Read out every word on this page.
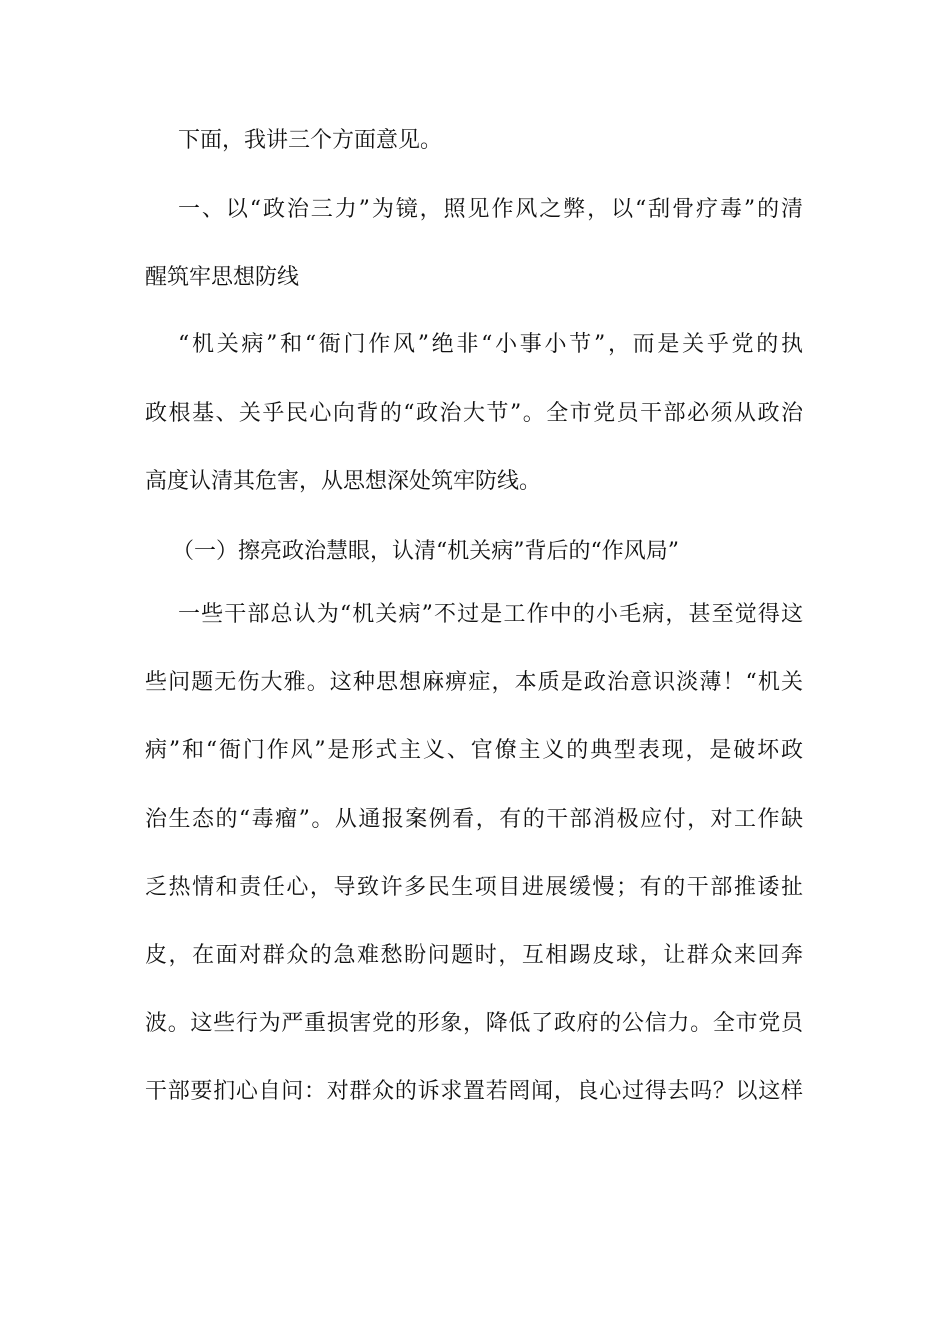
下面，我讲三个方面意见。
一、以“政治三力”为镜，照见作风之弊，以“刮骨疗毒”的清
醒筑牢思想防线
“机关病”和“衙门作风”绝非“小事小节”，而是关乎党的执
政根基、关乎民心向背的“政治大节”。全市党员干部必须从政治
高度认清其危害，从思想深处筑牢防线。
（一）擦亮政治慧眼，认清“机关病”背后的“作风局”
一些干部总认为“机关病”不过是工作中的小毛病，甚至觉得这
些问题无伤大雅。这种思想麻痹症，本质是政治意识淡薄！“机关
病”和“衙门作风”是形式主义、官僚主义的典型表现，是破坏政
治生态的“毒瘤”。从通报案例看，有的干部消极应付，对工作缺
乏热情和责任心，导致许多民生项目进展缓慢；有的干部推诿扯
皮，在面对群众的急难愁盼问题时，互相踢皮球，让群众来回奔
波。这些行为严重损害党的形象，降低了政府的公信力。全市党员
干部要扪心自问：对群众的诉求置若罔闻，良心过得去吗？以这样
